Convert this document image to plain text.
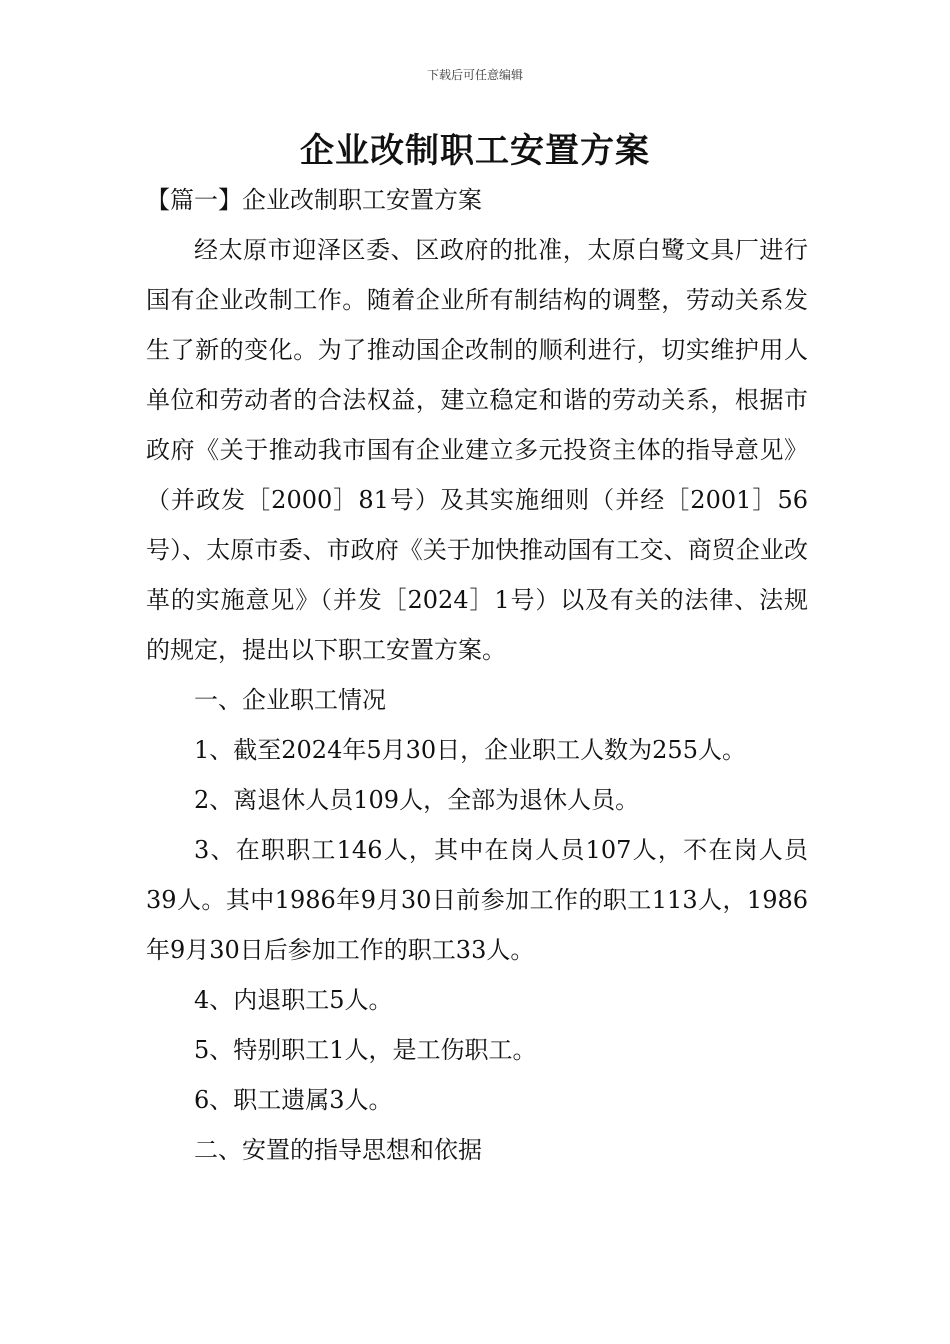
下载后可任意编辑
企业改制职工安置方案

【篇一】企业改制职工安置方案

经太原市迎泽区委、区政府的批准，太原白鹭文具厂进行国有企业改制工作。随着企业所有制结构的调整，劳动关系发生了新的变化。为了推动国企改制的顺利进行，切实维护用人单位和劳动者的合法权益，建立稳定和谐的劳动关系，根据市政府《关于推动我市国有企业建立多元投资主体的指导意见》（并政发［2000］81号）及其实施细则（并经［2001］56号）、太原市委、市政府《关于加快推动国有工交、商贸企业改革的实施意见》（并发［2024］1号）以及有关的法律、法规的规定，提出以下职工安置方案。

一、企业职工情况

1、截至2024年5月30日，企业职工人数为255人。

2、离退休人员109人，全部为退休人员。

3、在职职工146人，其中在岗人员107人，不在岗人员39人。其中1986年9月30日前参加工作的职工113人，1986年9月30日后参加工作的职工33人。

4、内退职工5人。

5、特别职工1人，是工伤职工。

6、职工遗属3人。

二、安置的指导思想和依据
